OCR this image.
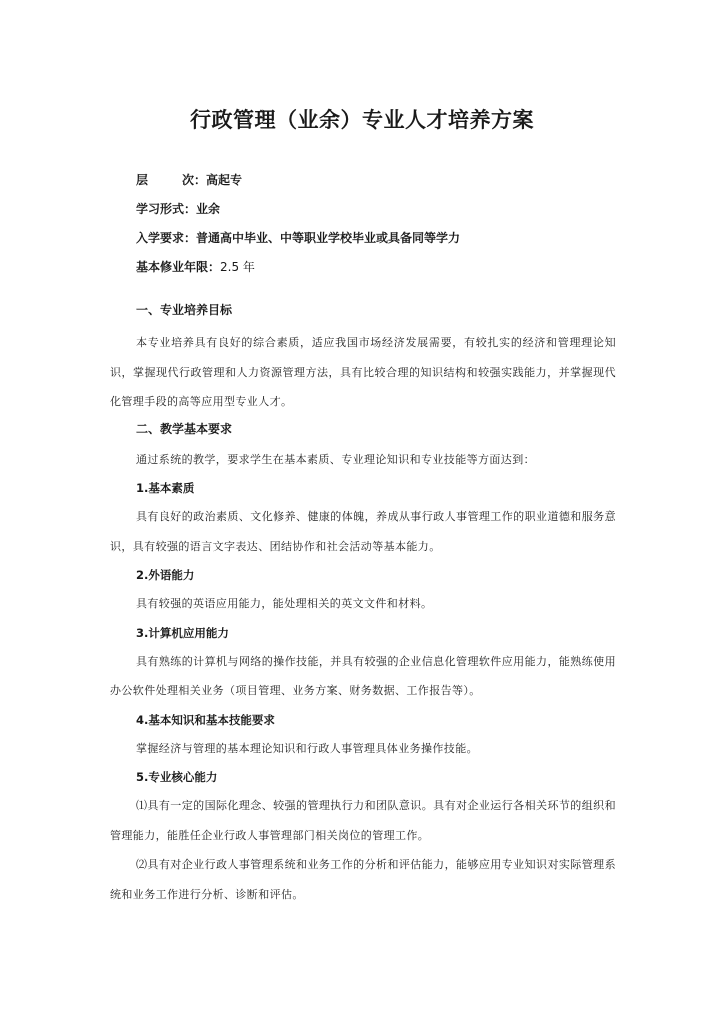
行政管理（业余）专业人才培养方案
层	次：高起专
学习形式：业余
入学要求：普通高中毕业、中等职业学校毕业或具备同等学力
基本修业年限：2.5 年
一、专业培养目标

本专业培养具有良好的综合素质，适应我国市场经济发展需要，有较扎实的经济和管理理论知识，掌握现代行政管理和人力资源管理方法，具有比较合理的知识结构和较强实践能力，并掌握现代化管理手段的高等应用型专业人才。

二、教学基本要求

通过系统的教学，要求学生在基本素质、专业理论知识和专业技能等方面达到：

1.基本素质

具有良好的政治素质、文化修养、健康的体魄，养成从事行政人事管理工作的职业道德和服务意识，具有较强的语言文字表达、团结协作和社会活动等基本能力。

2.外语能力

具有较强的英语应用能力，能处理相关的英文文件和材料。

3.计算机应用能力

具有熟练的计算机与网络的操作技能，并具有较强的企业信息化管理软件应用能力，能熟练使用办公软件处理相关业务（项目管理、业务方案、财务数据、工作报告等）。

4.基本知识和基本技能要求

掌握经济与管理的基本理论知识和行政人事管理具体业务操作技能。

5.专业核心能力

⑴具有一定的国际化理念、较强的管理执行力和团队意识。具有对企业运行各相关环节的组织和管理能力，能胜任企业行政人事管理部门相关岗位的管理工作。

⑵具有对企业行政人事管理系统和业务工作的分析和评估能力，能够应用专业知识对实际管理系统和业务工作进行分析、诊断和评估。
